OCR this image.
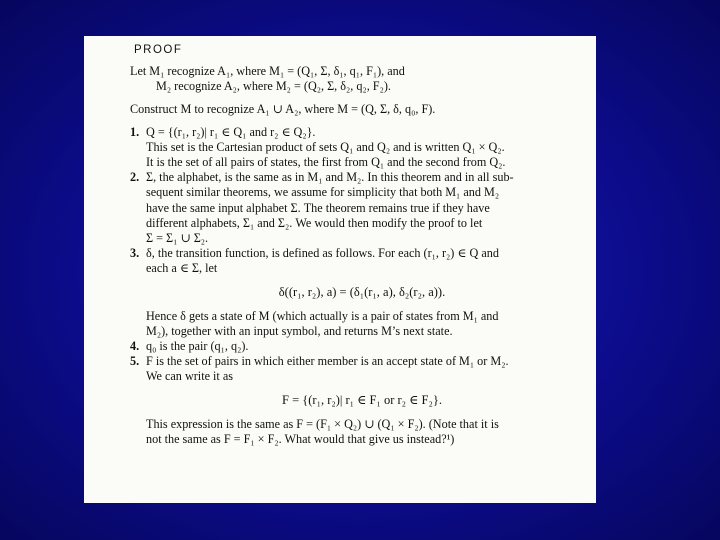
PROOF
Let M₁ recognize A₁, where M₁ = (Q₁, Σ, δ₁, q₁, F₁), and
M₂ recognize A₂, where M₂ = (Q₂, Σ, δ₂, q₂, F₂).
Construct M to recognize A₁ ∪ A₂, where M = (Q, Σ, δ, q₀, F).
1. Q = {(r₁, r₂)| r₁ ∈ Q₁ and r₂ ∈ Q₂}.
This set is the Cartesian product of sets Q₁ and Q₂ and is written Q₁ × Q₂.
It is the set of all pairs of states, the first from Q₁ and the second from Q₂.
2. Σ, the alphabet, is the same as in M₁ and M₂. In this theorem and in all sub-
sequent similar theorems, we assume for simplicity that both M₁ and M₂
have the same input alphabet Σ. The theorem remains true if they have
different alphabets, Σ₁ and Σ₂. We would then modify the proof to let
Σ = Σ₁ ∪ Σ₂.
3. δ, the transition function, is defined as follows. For each (r₁, r₂) ∈ Q and
each a ∈ Σ, let
δ((r₁, r₂), a) = (δ₁(r₁, a), δ₂(r₂, a)).
Hence δ gets a state of M (which actually is a pair of states from M₁ and
M₂), together with an input symbol, and returns M’s next state.
4. q₀ is the pair (q₁, q₂).
5. F is the set of pairs in which either member is an accept state of M₁ or M₂.
We can write it as
F = {(r₁, r₂)| r₁ ∈ F₁ or r₂ ∈ F₂}.
This expression is the same as F = (F₁ × Q₂) ∪ (Q₁ × F₂). (Note that it is
not the same as F = F₁ × F₂. What would that give us instead?¹)
